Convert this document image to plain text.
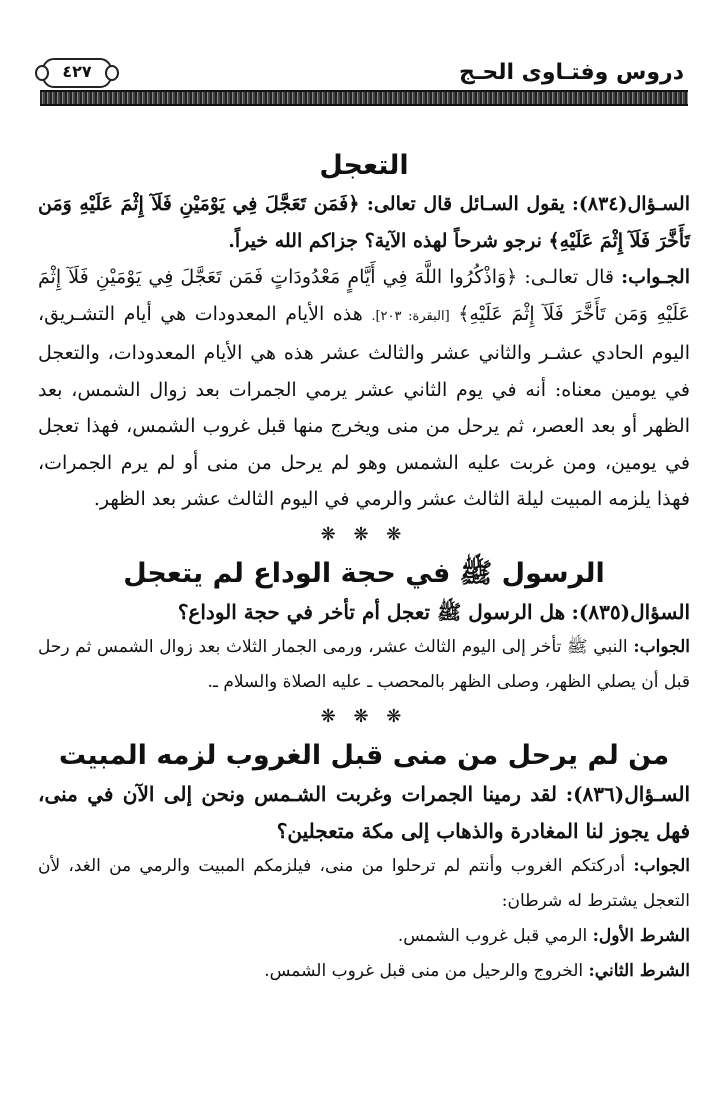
دروس وفتـاوى الحـج
٤٢٧
التعجل

السـؤال(٨٣٤): يقول السـائل قال تعالى: ﴿فَمَن تَعَجَّلَ فِي يَوْمَيْنِ فَلَآ إِثْمَ عَلَيْهِ وَمَن تَأَخَّرَ فَلَآ إِثْمَ عَلَيْهِ﴾ نرجو شرحاً لهذه الآية؟ جزاكم الله خيراً.

الجـواب: قال تعالـى: ﴿وَاذْكُرُوا اللَّهَ فِي أَيَّامٍ مَعْدُودَاتٍ فَمَن تَعَجَّلَ فِي يَوْمَيْنِ فَلَآ إِثْمَ عَلَيْهِ وَمَن تَأَخَّرَ فَلَآ إِثْمَ عَلَيْهِ﴾ [البقرة: ٢٠٣]. هذه الأيام المعدودات هي أيام التشـريق، اليوم الحادي عشـر والثاني عشر والثالث عشر هذه هي الأيام المعدودات، والتعجل في يومين معناه: أنه في يوم الثاني عشر يرمي الجمرات بعد زوال الشمس، بعد الظهر أو بعد العصر، ثم يرحل من منى ويخرج منها قبل غروب الشمس، فهذا تعجل في يومين، ومن غربت عليه الشمس وهو لم يرحل من منى أو لم يرم الجمرات، فهذا يلزمه المبيت ليلة الثالث عشر والرمي في اليوم الثالث عشر بعد الظهر.

❋ ❋ ❋
الرسول ﷺ في حجة الوداع لم يتعجل

السؤال(٨٣٥): هل الرسول ﷺ تعجل أم تأخر في حجة الوداع؟

الجواب: النبي ﷺ تأخر إلى اليوم الثالث عشر، ورمى الجمار الثلاث بعد زوال الشمس ثم رحل قبل أن يصلي الظهر، وصلى الظهر بالمحصب ـ عليه الصلاة والسلام ـ.

❋ ❋ ❋
من لم يرحل من منى قبل الغروب لزمه المبيت

السـؤال(٨٣٦): لقد رمينا الجمرات وغربت الشـمس ونحن إلى الآن في منى، فهل يجوز لنا المغادرة والذهاب إلى مكة متعجلين؟

الجواب: أدركتكم الغروب وأنتم لم ترحلوا من منى، فيلزمكم المبيت والرمي من الغد، لأن التعجل يشترط له شرطان:

الشرط الأول: الرمي قبل غروب الشمس.

الشرط الثاني: الخروج والرحيل من منى قبل غروب الشمس.
